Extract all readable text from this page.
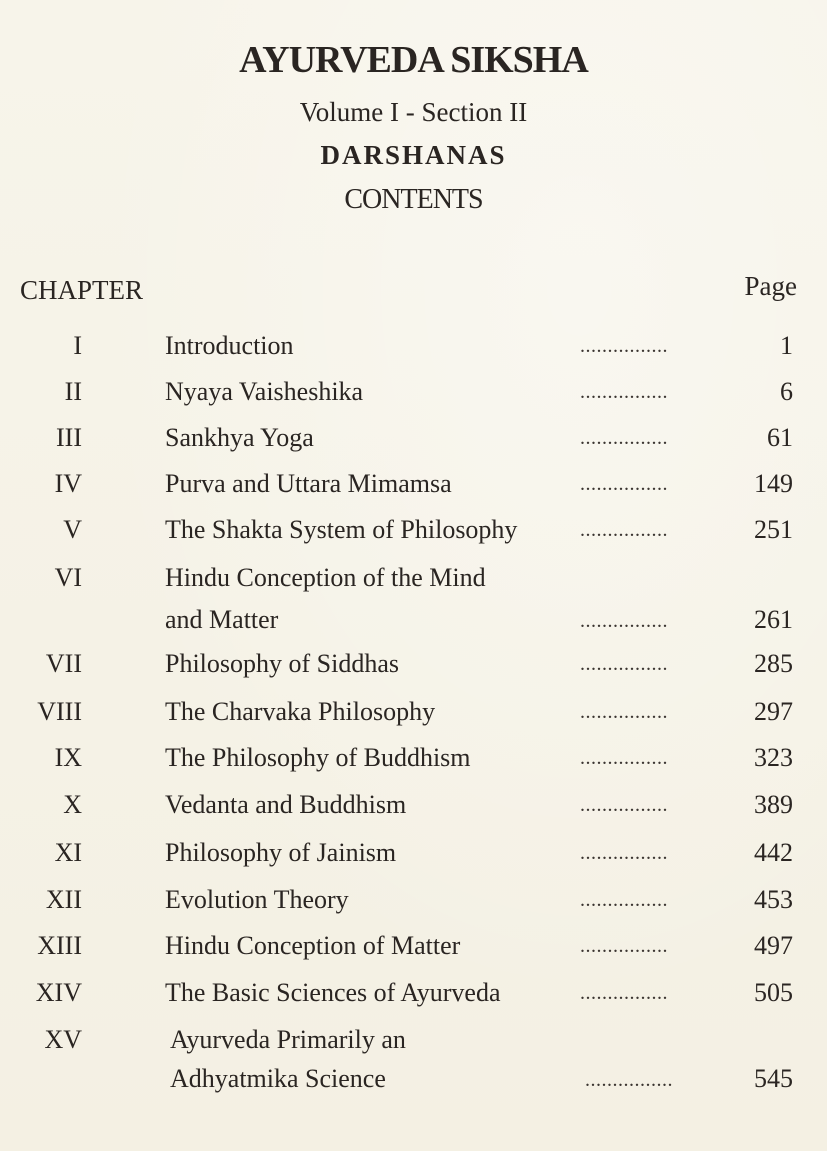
AYURVEDA SIKSHA
Volume I - Section II
DARSHANAS
CONTENTS
CHAPTER	Page
I	Introduction	................	1
II	Nyaya Vaisheshika	................	6
III	Sankhya Yoga	................	61
IV	Purva and Uttara Mimamsa	................	149
V	The Shakta System of Philosophy	................	251
VI	Hindu Conception of the Mind
and Matter	................	261
VII	Philosophy of Siddhas	................	285
VIII	The Charvaka Philosophy	................	297
IX	The Philosophy of Buddhism	................	323
X	Vedanta and Buddhism	................	389
XI	Philosophy of Jainism	................	442
XII	Evolution Theory	................	453
XIII	Hindu Conception of Matter	................	497
XIV	The Basic Sciences of Ayurveda	................	505
XV	Ayurveda Primarily an
Adhyatmika Science	................	545
